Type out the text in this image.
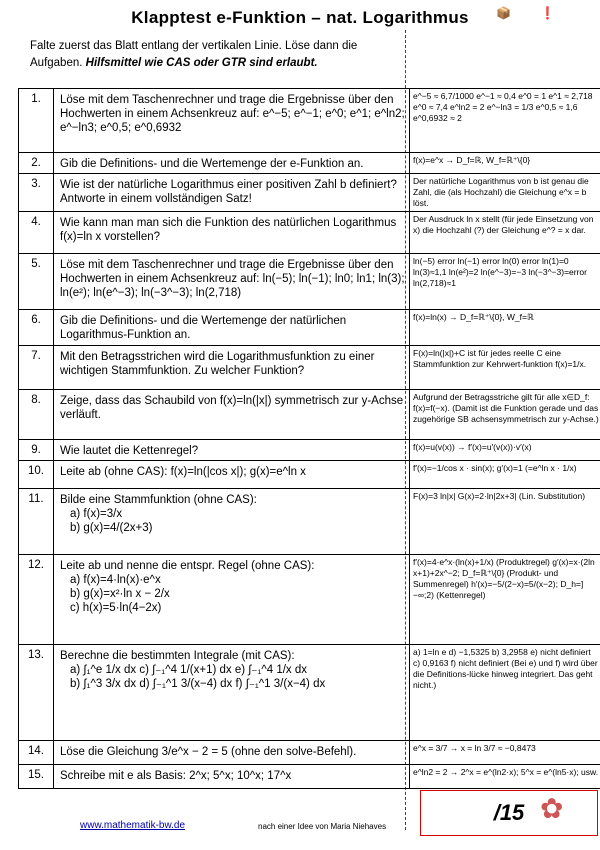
Klapptest e-Funktion – nat. Logarithmus	📦 ❗
Falte zuerst das Blatt entlang der vertikalen Linie. Löse dann die Aufgaben. Hilfsmittel wie CAS oder GTR sind erlaubt.
1.	Löse mit dem Taschenrechner und trage die Ergebnisse über den Hochwerten in einem Achsenkreuz auf: e^−5; e^−1; e^0; e^1; e^ln2; e^−ln3; e^0,5; e^0,6932	e^−5 ≈ 6,7/1000 e^−1 ≈ 0,4 e^0 = 1 e^1 ≈ 2,718 e^0 ≈ 7,4 e^ln2 = 2 e^−ln3 = 1/3 e^0,5 ≈ 1,6 e^0,6932 ≈ 2
2.	Gib die Definitions- und die Wertemenge der e-Funktion an.	f(x)=e^x → D_f=ℝ, W_f=ℝ⁺\{0}
3.	Wie ist der natürliche Logarithmus einer positiven Zahl b definiert? Antworte in einem vollständigen Satz!	Der natürliche Logarithmus von b ist genau die Zahl, die (als Hochzahl) die Gleichung e^x = b löst.
4.	Wie kann man man sich die Funktion des natürlichen Logarithmus f(x)=ln x vorstellen?	Der Ausdruck ln x stellt (für jede Einsetzung von x) die Hochzahl (?) der Gleichung e^? = x dar.
5.	Löse mit dem Taschenrechner und trage die Ergebnisse über den Hochwerten in einem Achsenkreuz auf: ln(−5); ln(−1); ln0; ln1; ln(3); ln(e²); ln(e^−3); ln(−3^−3); ln(2,718)	ln(−5) error ln(−1) error ln(0) error ln(1)=0 ln(3)≈1,1 ln(e²)=2 ln(e^−3)=−3 ln(−3^−3)=error ln(2,718)≈1
6.	Gib die Definitions- und die Wertemenge der natürlichen Logarithmus-Funktion an.	f(x)=ln(x) → D_f=ℝ⁺\{0}, W_f=ℝ
7.	Mit den Betragsstrichen wird die Logarithmusfunktion zu einer wichtigen Stammfunktion. Zu welcher Funktion?	F(x)=ln(|x|)+C ist für jedes reelle C eine Stammfunktion zur Kehrwert-funktion f(x)=1/x.
8.	Zeige, dass das Schaubild von f(x)=ln(|x|) symmetrisch zur y-Achse verläuft.	Aufgrund der Betragsstriche gilt für alle x∈D_f: f(x)=f(−x). (Damit ist die Funktion gerade und das zugehörige SB achsensymmetrisch zur y-Achse.)
9.	Wie lautet die Kettenregel?	f(x)=u(v(x)) → f′(x)=u′(v(x))·v′(x)
10.	Leite ab (ohne CAS): f(x)=ln(|cos x|); g(x)=e^ln x	f′(x)=−1/cos x · sin(x); g′(x)=1 (=e^ln x · 1/x)
11.	Bilde eine Stammfunktion (ohne CAS):
a) f(x)=3/x
b) g(x)=4/(2x+3)	F(x)=3 ln|x| G(x)=2·ln|2x+3| (Lin. Substitution)
12.	Leite ab und nenne die entspr. Regel (ohne CAS):
a) f(x)=4·ln(x)·e^x
b) g(x)=x²·ln x − 2/x
c) h(x)=5·ln(4−2x)	f′(x)=4·e^x·(ln(x)+1/x) (Produktregel) g′(x)=x·(2ln x+1)+2x^−2; D_f=ℝ⁺\{0} (Produkt- und Summenregel) h′(x)=−5/(2−x)=5/(x−2); D_h=]−∞;2) (Kettenregel)
13.	Berechne die bestimmten Integrale (mit CAS):
a) ∫₁^e 1/x dx c) ∫₋₁^4 1/(x+1) dx e) ∫₋₁^4 1/x dx
b) ∫₁^3 3/x dx d) ∫₋₁^1 3/(x−4) dx f) ∫₋₁^1 3/(x−4) dx	a) 1=ln e d) −1,5325 b) 3,2958 e) nicht definiert c) 0,9163 f) nicht definiert (Bei e) und f) wird über die Definitions-lücke hinweg integriert. Das geht nicht.)
14.	Löse die Gleichung 3/e^x − 2 = 5 (ohne den solve-Befehl).	e^x = 3/7 → x = ln 3/7 ≈ −0,8473
15.	Schreibe mit e als Basis: 2^x; 5^x; 10^x; 17^x	e^ln2 = 2 → 2^x = e^(ln2·x); 5^x = e^(ln5·x); usw.
/15 ✿
www.mathematik-bw.de	nach einer Idee von Maria Niehaves
